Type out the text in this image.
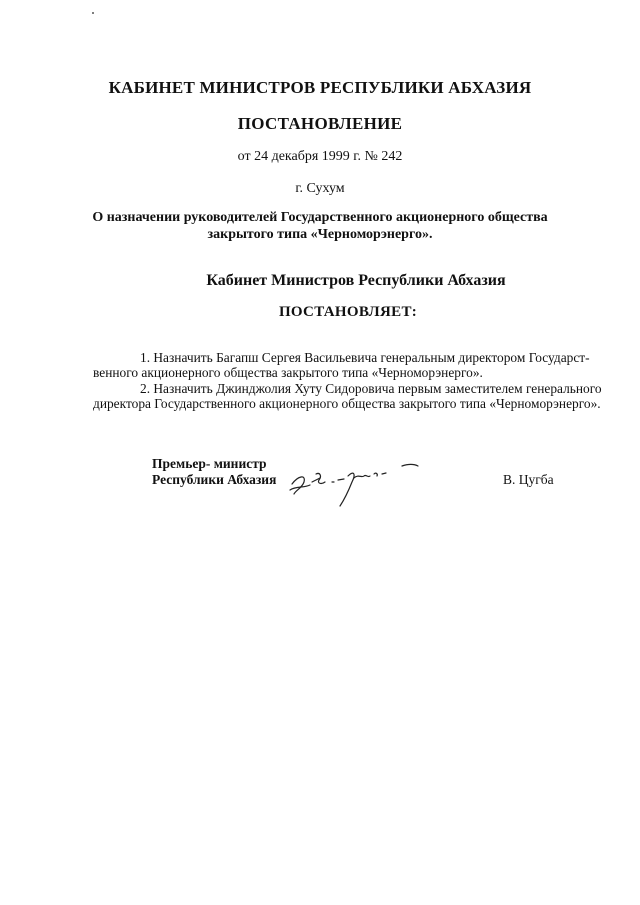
КАБИНЕТ МИНИСТРОВ РЕСПУБЛИКИ АБХАЗИЯ
ПОСТАНОВЛЕНИЕ
от 24 декабря 1999 г. № 242
г. Сухум
О назначении руководителей Государственного акционерного общества
закрытого типа «Черноморэнерго».
Кабинет Министров Республики Абхазия
ПОСТАНОВЛЯЕТ:
1. Назначить Багапш Сергея Васильевича генеральным директором Государст-
венного акционерного общества закрытого типа «Черноморэнерго».
2. Назначить Джинджолия Хуту Сидоровича первым заместителем генерального
директора Государственного акционерного общества закрытого типа «Черноморэнерго».
Премьер- министр
Республики Абхазия	В. Цугба
